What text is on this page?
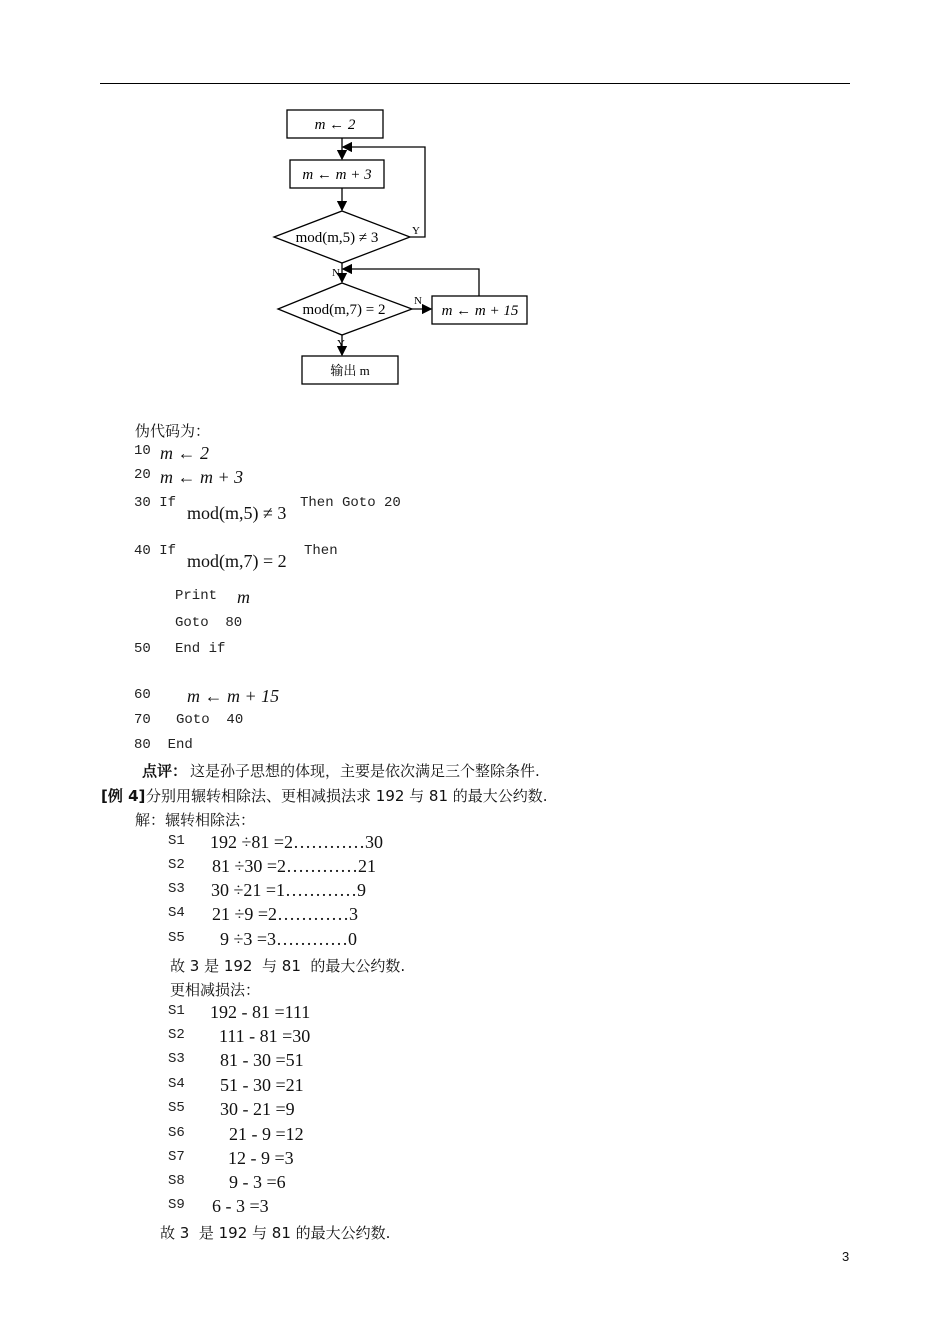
m ← 2
m ← m + 3
mod(m,5) ≠ 3
mod(m,7) = 2	m ← m + 15
输出 m
Y
N
N
Y
伪代码为：
10 m ← 2
20 m ← m + 3
30 If mod(m,5) ≠ 3 Then Goto 20
40 If mod(m,7) = 2 Then
Print m
Goto  80
50 End if
60 m ← m + 15
70   Goto  40
80  End
点评： 这是孙子思想的体现，主要是依次满足三个整除条件.
[例 4] 分别用辗转相除法、更相减损法求 192 与 81 的最大公约数.
解：辗转相除法：
S1 192 ÷81 =2…………30
S2 81 ÷30 =2…………21
S3 30 ÷21 =1…………9
S4 21 ÷9 =2…………3
S5 9 ÷3 =3…………0
故 3 是 192  与 81  的最大公约数.
更相减损法：
S1 192 - 81 =111
S2 111 - 81 =30
S3 81 - 30 =51
S4 51 - 30 =21
S5 30 - 21 =9
S6 21 - 9 =12
S7 12 - 9 =3
S8 9 - 3 =6
S9 6 - 3 =3
故 3  是 192 与 81 的最大公约数.
3
